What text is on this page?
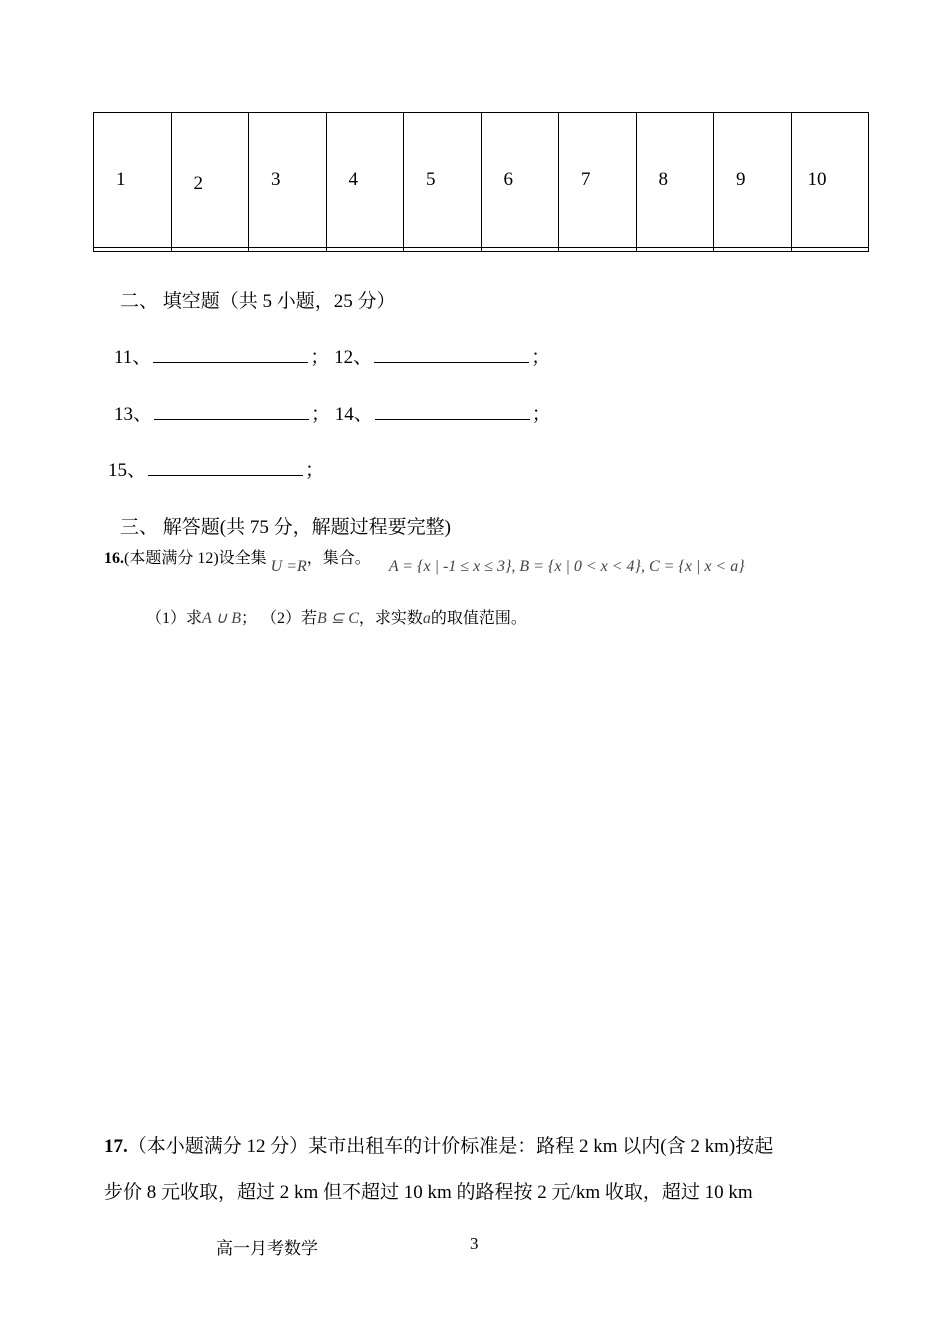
1	2	3	4	5	6	7	8	9	10

二、 填空题（共 5 小题，25 分）
11、	； 12、	；
13、	； 14、	；
15、	；
三、 解答题(共 75 分，解题过程要完整)
16.(本题满分 12)设全集 U =R，集合。 A = {x | -1 ≤ x ≤ 3}, B = {x | 0 < x < 4}, C = {x | x < a}
（1）求A ∪ B； （2）若B ⊆ C，求实数a的取值范围。
17.（本小题满分 12 分）某市出租车的计价标准是：路程 2 km 以内(含 2 km)按起
步价 8 元收取，超过 2 km 但不超过 10 km 的路程按 2 元/km 收取，超过 10 km
高一月考数学	3
